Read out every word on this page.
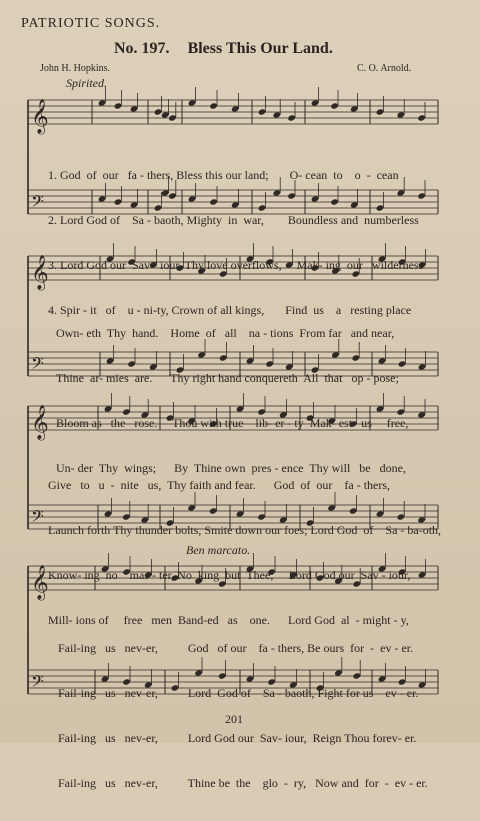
PATRIOTIC SONGS.
No. 197. Bless This Our Land.
John H. Hopkins.	C. O. Arnold.
Spirited.
𝄞
𝄢
𝄞
𝄢
𝄞
𝄢
𝄞
𝄢

1. God  of  our   fa - thers, Bless this our land;       O- cean  to    o  -  cean

2. Lord God of    Sa - baoth, Mighty  in  war,        Boundless and  numberless

3. Lord God our  Sav - iour, Thy love overflows,     Mak- ing  our   wilderness

4. Spir - it   of    u - ni-ty, Crown of all kings,       Find  us    a   resting place

Own- eth  Thy  hand.    Home  of   all    na - tions  From far   and near,

Thine  ar- mies  are.      Thy right hand conquereth  All  that   op - pose;

Bloom as   the   rose.     Thou with true    lib- er - ty  Mak- est   us     free,

Un- der  Thy  wings;      By  Thine own  pres - ence  Thy will   be   done,

Give   to   u  -  nite   us,  Thy faith and fear.      God  of  our    fa - thers,

Launch forth Thy thunder bolts, Smite down our foes; Lord God  of    Sa - ba-oth,

Know- ing  no    mas - ter, No  king  but  Thee;     Lord God our  Sav - iour,

Mill- ions of     free   men  Band-ed   as    one.      Lord God  al  - might - y,

Ben marcato.

Fail-ing   us   nev-er,          God   of our    fa - thers, Be ours  for  -  ev - er.

Fail-ing   us   nev-er,          Lord  God of    Sa - baoth, Fight for us    ev - er.

Fail-ing   us   nev-er,          Lord God our  Sav- iour,  Reign Thou forev- er.

Fail-ing   us   nev-er,          Thine be  the    glo  -  ry,   Now and  for  -  ev - er.

201
